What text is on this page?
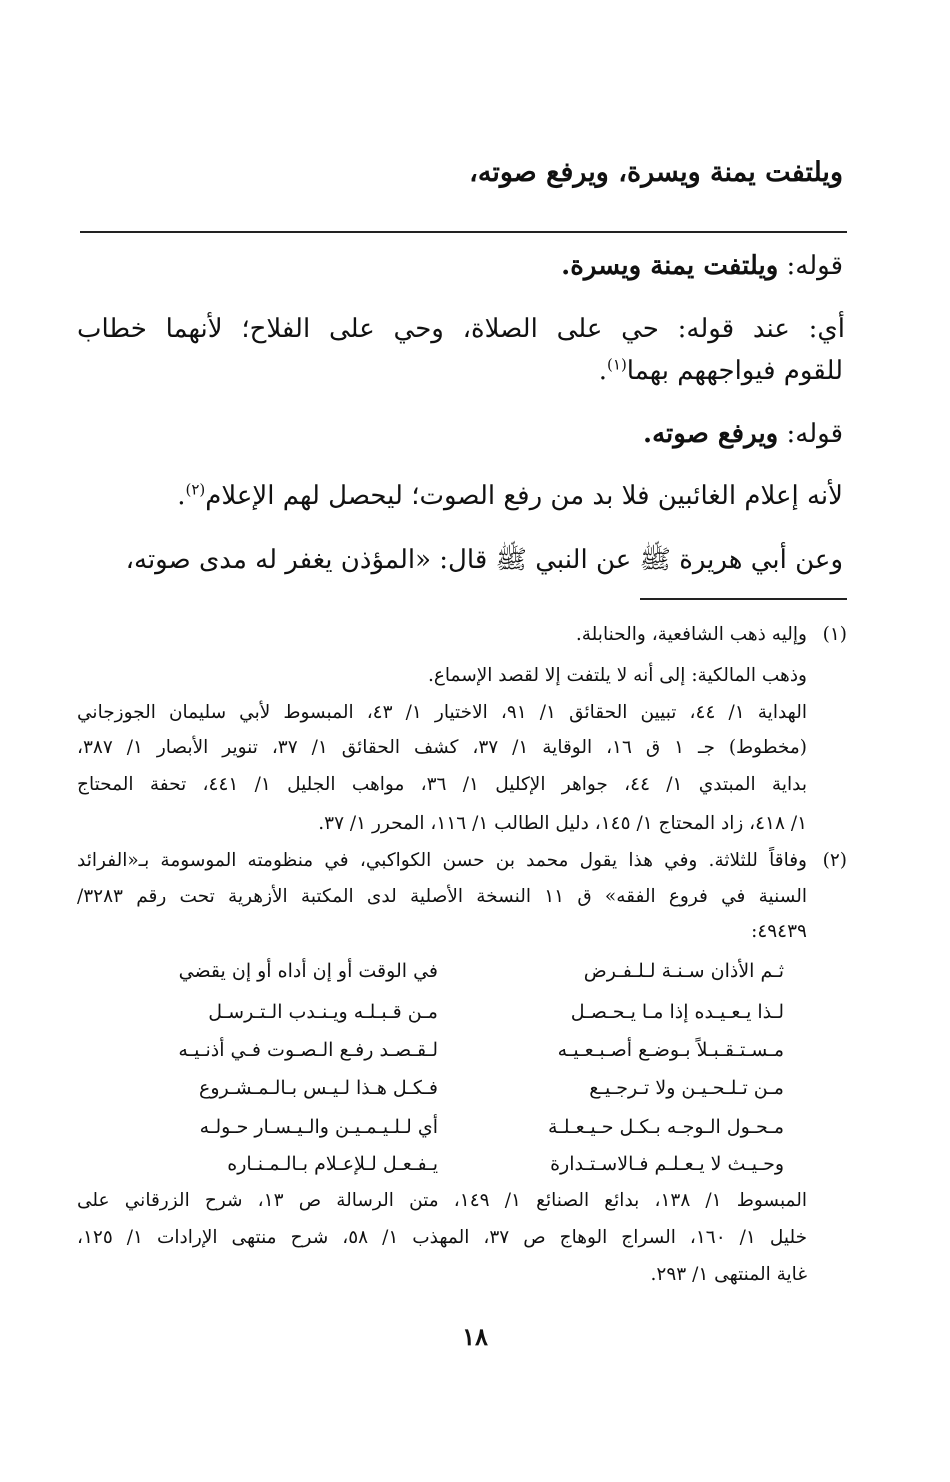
ويلتفت يمنة ويسرة، ويرفع صوته،
قوله: ويلتفت يمنة ويسرة.
أي: عند قوله: حي على الصلاة، وحي على الفلاح؛ لأنهما خطاب
للقوم فيواجههم بهما$^{(١)}$.
قوله: ويرفع صوته.
لأنه إعلام الغائبين فلا بد من رفع الصوت؛ ليحصل لهم الإعلام$^{(٢)}$.
وعن أبي هريرة ﷺ عن النبي ﷺ قال: «المؤذن يغفر له مدى صوته،
(١)
وإليه ذهب الشافعية، والحنابلة.
وذهب المالكية: إلى أنه لا يلتفت إلا لقصد الإسماع.
الهداية ١/ ٤٤، تبيين الحقائق ١/ ٩١، الاختيار ١/ ٤٣، المبسوط لأبي سليمان الجوزجاني
(مخطوط) جـ ١ ق ١٦، الوقاية ١/ ٣٧، كشف الحقائق ١/ ٣٧، تنوير الأبصار ١/ ٣٨٧،
بداية المبتدي ١/ ٤٤، جواهر الإكليل ١/ ٣٦، مواهب الجليل ١/ ٤٤١، تحفة المحتاج
١/ ٤١٨، زاد المحتاج ١/ ١٤٥، دليل الطالب ١/ ١١٦، المحرر ١/ ٣٧.
(٢)
وفاقاً للثلاثة. وفي هذا يقول محمد بن حسن الكواكبي، في منظومته الموسومة بـ«الفرائد
السنية في فروع الفقه» ق ١١ النسخة الأصلية لدى المكتبة الأزهرية تحت رقم ٣٢٨٣/
٤٩٤٣٩:
ثـم الأذان سـنـة لـلـفـرض
في الوقت أو إن أداه أو إن يقضي
لـذا يـعـيـده إذا مـا يـحـصـل
مـن قـبـلـه ويـنـدب الـتـرسـل
مـسـتـقـبـلاً بـوضـع أصـبـعـيـه
لـقـصـد رفـع الـصـوت فـي أذنـيـه
مـن تـلـحـيـن ولا تـرجـيـع
فـكـل هـذا لـيـس بـالـمـشـروع
مـحـول الـوجـه بـكـل حـيـعـلـة
أي لـلـيـمـيـن والـيـسـار حـولـه
وحـيـث لا يـعـلـم فـالاسـتـدارة
يـفـعـل لـلإعـلام بـالـمـنـاره
المبسوط ١/ ١٣٨، بدائع الصنائع ١/ ١٤٩، متن الرسالة ص ١٣، شرح الزرقاني على
خليل ١/ ١٦٠، السراج الوهاج ص ٣٧، المهذب ١/ ٥٨، شرح منتهى الإرادات ١/ ١٢٥،
غاية المنتهى ١/ ٢٩٣.
١٨
